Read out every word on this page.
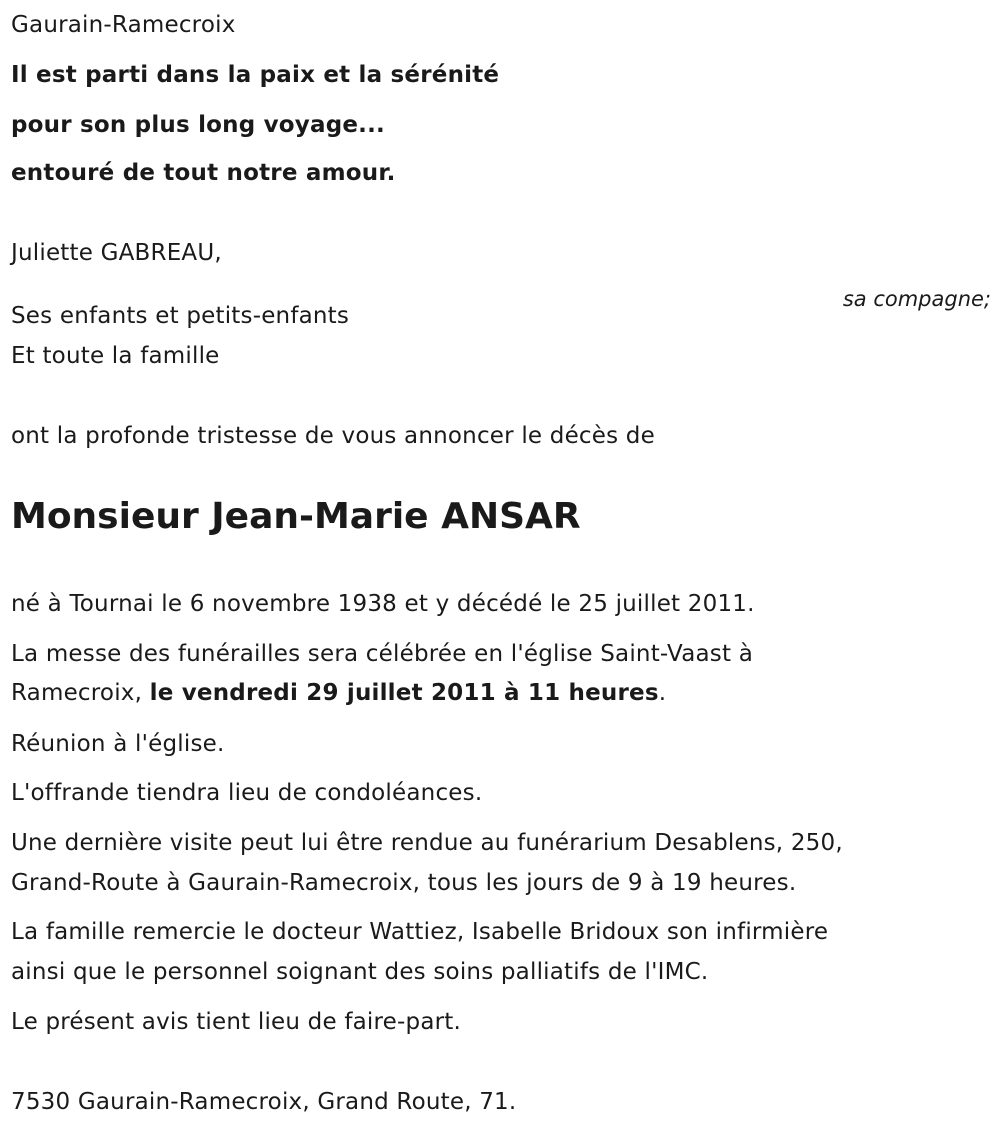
Gaurain-Ramecroix

Il est parti dans la paix et la sérénité

pour son plus long voyage...

entouré de tout notre amour.

Juliette GABREAU,

sa compagne;

Ses enfants et petits-enfants

Et toute la famille

ont la profonde tristesse de vous annoncer le décès de

Monsieur Jean-Marie ANSAR

né à Tournai le 6 novembre 1938 et y décédé le 25 juillet 2011.

La messe des funérailles sera célébrée en l'église Saint-Vaast à

Ramecroix, le vendredi 29 juillet 2011 à 11 heures.

Réunion à l'église.

L'offrande tiendra lieu de condoléances.

Une dernière visite peut lui être rendue au funérarium Desablens, 250,

Grand-Route à Gaurain-Ramecroix, tous les jours de 9 à 19 heures.

La famille remercie le docteur Wattiez, Isabelle Bridoux son infirmière

ainsi que le personnel soignant des soins palliatifs de l'IMC.

Le présent avis tient lieu de faire-part.

7530 Gaurain-Ramecroix, Grand Route, 71.
